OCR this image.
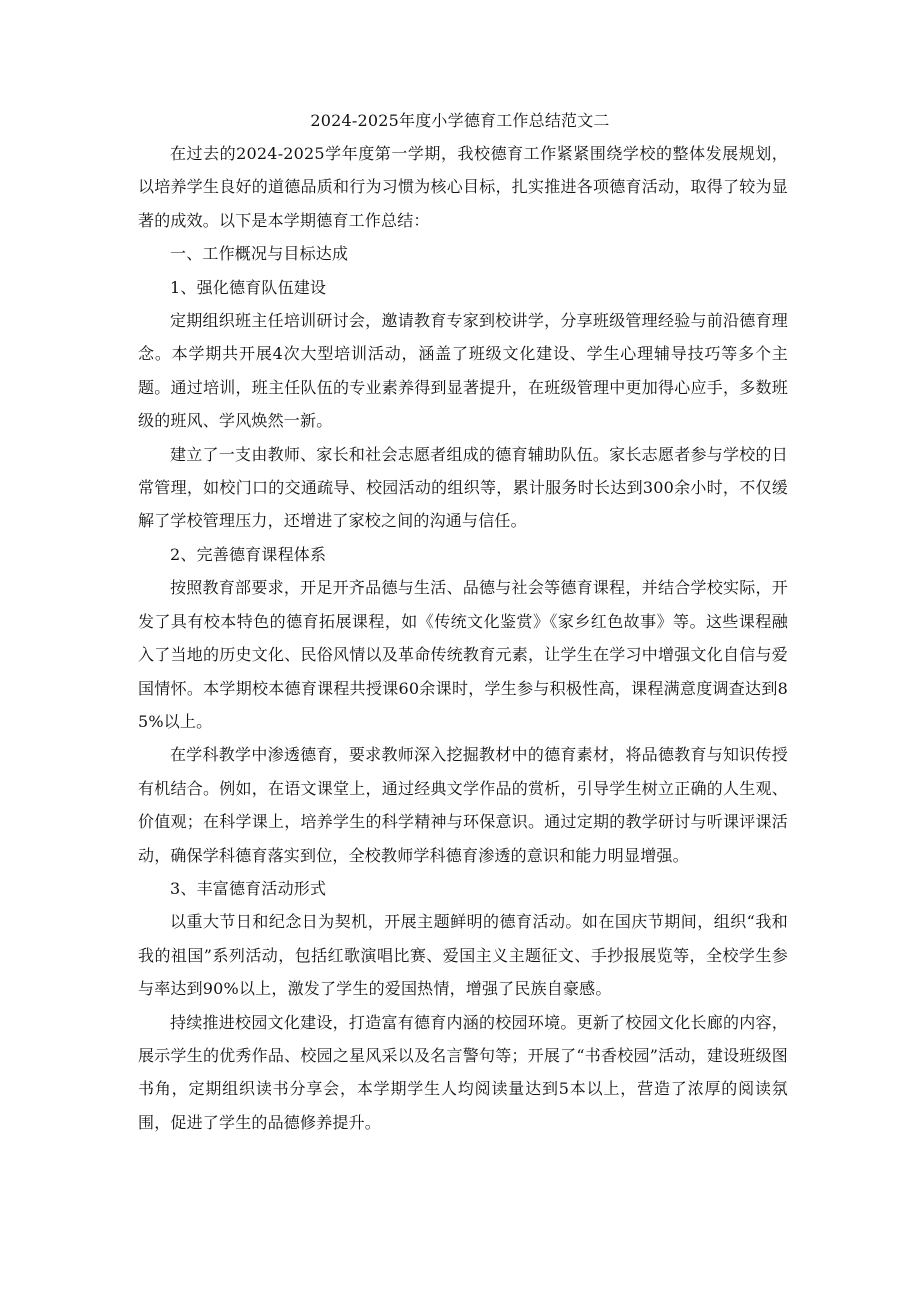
2024-2025年度小学德育工作总结范文二

在过去的2024-2025学年度第一学期，我校德育工作紧紧围绕学校的整体发展规划，以培养学生良好的道德品质和行为习惯为核心目标，扎实推进各项德育活动，取得了较为显著的成效。以下是本学期德育工作总结：

一、工作概况与目标达成

1、强化德育队伍建设

定期组织班主任培训研讨会，邀请教育专家到校讲学，分享班级管理经验与前沿德育理念。本学期共开展4次大型培训活动，涵盖了班级文化建设、学生心理辅导技巧等多个主题。通过培训，班主任队伍的专业素养得到显著提升，在班级管理中更加得心应手，多数班级的班风、学风焕然一新。

建立了一支由教师、家长和社会志愿者组成的德育辅助队伍。家长志愿者参与学校的日常管理，如校门口的交通疏导、校园活动的组织等，累计服务时长达到300余小时，不仅缓解了学校管理压力，还增进了家校之间的沟通与信任。

2、完善德育课程体系

按照教育部要求，开足开齐品德与生活、品德与社会等德育课程，并结合学校实际，开发了具有校本特色的德育拓展课程，如《传统文化鉴赏》《家乡红色故事》等。这些课程融入了当地的历史文化、民俗风情以及革命传统教育元素，让学生在学习中增强文化自信与爱国情怀。本学期校本德育课程共授课60余课时，学生参与积极性高，课程满意度调查达到85%以上。

在学科教学中渗透德育，要求教师深入挖掘教材中的德育素材，将品德教育与知识传授有机结合。例如，在语文课堂上，通过经典文学作品的赏析，引导学生树立正确的人生观、价值观；在科学课上，培养学生的科学精神与环保意识。通过定期的教学研讨与听课评课活动，确保学科德育落实到位，全校教师学科德育渗透的意识和能力明显增强。

3、丰富德育活动形式

以重大节日和纪念日为契机，开展主题鲜明的德育活动。如在国庆节期间，组织“我和我的祖国”系列活动，包括红歌演唱比赛、爱国主义主题征文、手抄报展览等，全校学生参与率达到90%以上，激发了学生的爱国热情，增强了民族自豪感。

持续推进校园文化建设，打造富有德育内涵的校园环境。更新了校园文化长廊的内容，展示学生的优秀作品、校园之星风采以及名言警句等；开展了“书香校园”活动，建设班级图书角，定期组织读书分享会，本学期学生人均阅读量达到5本以上，营造了浓厚的阅读氛围，促进了学生的品德修养提升。
